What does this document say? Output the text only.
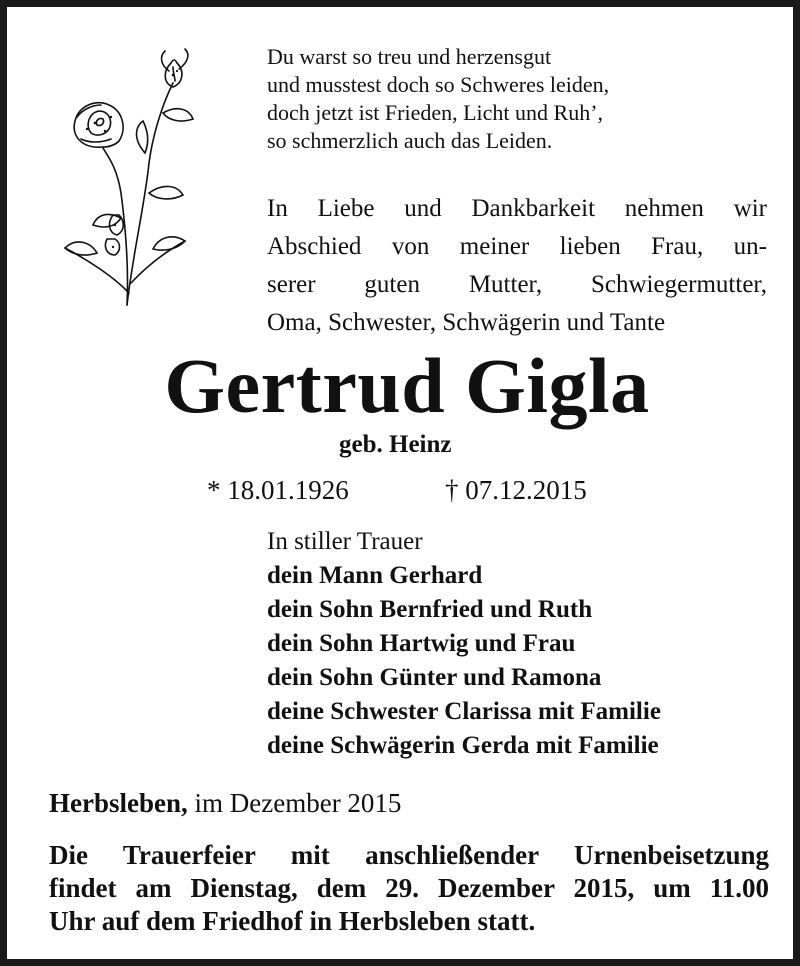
Du warst so treu und herzensgut
und musstest doch so Schweres leiden,
doch jetzt ist Frieden, Licht und Ruh’,
so schmerzlich auch das Leiden.
In Liebe und Dankbarkeit nehmen wir
Abschied von meiner lieben Frau, un-
serer guten Mutter, Schwiegermutter,
Oma, Schwester, Schwägerin und Tante
Gertrud Gigla
geb. Heinz
* 18.01.1926	† 07.12.2015
In stiller Trauer
dein Mann Gerhard
dein Sohn Bernfried und Ruth
dein Sohn Hartwig und Frau
dein Sohn Günter und Ramona
deine Schwester Clarissa mit Familie
deine Schwägerin Gerda mit Familie
Herbsleben, im Dezember 2015
Die Trauerfeier mit anschließender Urnenbeisetzung
findet am Dienstag, dem 29. Dezember 2015, um 11.00
Uhr auf dem Friedhof in Herbsleben statt.
